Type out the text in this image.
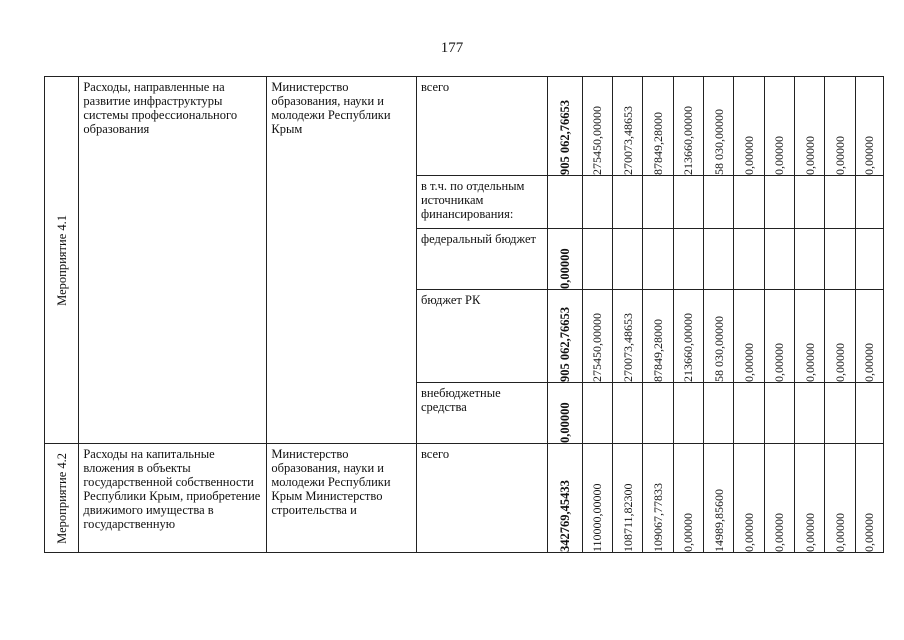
177
Мероприятие 4.1	Расходы, направленные на развитие инфраструктуры системы профессионального образования	Министерство образования, науки и молодежи Республики Крым	всего	905 062,76653	275450,00000	270073,48653	87849,28000	213660,00000	58 030,00000	0,00000	0,00000	0,00000	0,00000	0,00000

			в т.ч. по отдельным источникам финансирования:											

			федеральный бюджет	0,00000										

			бюджет РК	905 062,76653	275450,00000	270073,48653	87849,28000	213660,00000	58 030,00000	0,00000	0,00000	0,00000	0,00000	0,00000

			внебюджетные средства	0,00000										

Мероприятие 4.2	Расходы на капитальные вложения в объекты государственной собственности Республики Крым, приобретение движимого имущества в государственную	Министерство образования, науки и молодежи Республики Крым Министерство строительства и	всего	342769,45433	110000,00000	108711,82300	109067,77833	0,00000	14989,85600	0,00000	0,00000	0,00000	0,00000	0,00000
